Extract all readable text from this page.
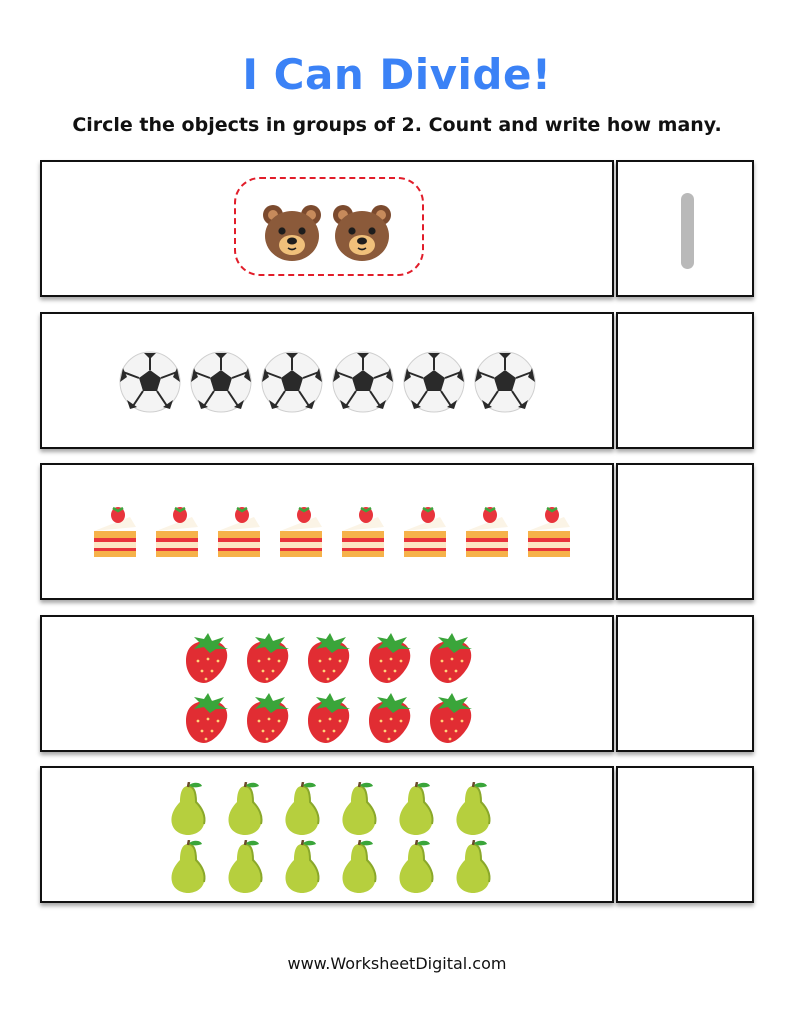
I Can Divide!
Circle the objects in groups of 2. Count and write how many.
www.WorksheetDigital.com
